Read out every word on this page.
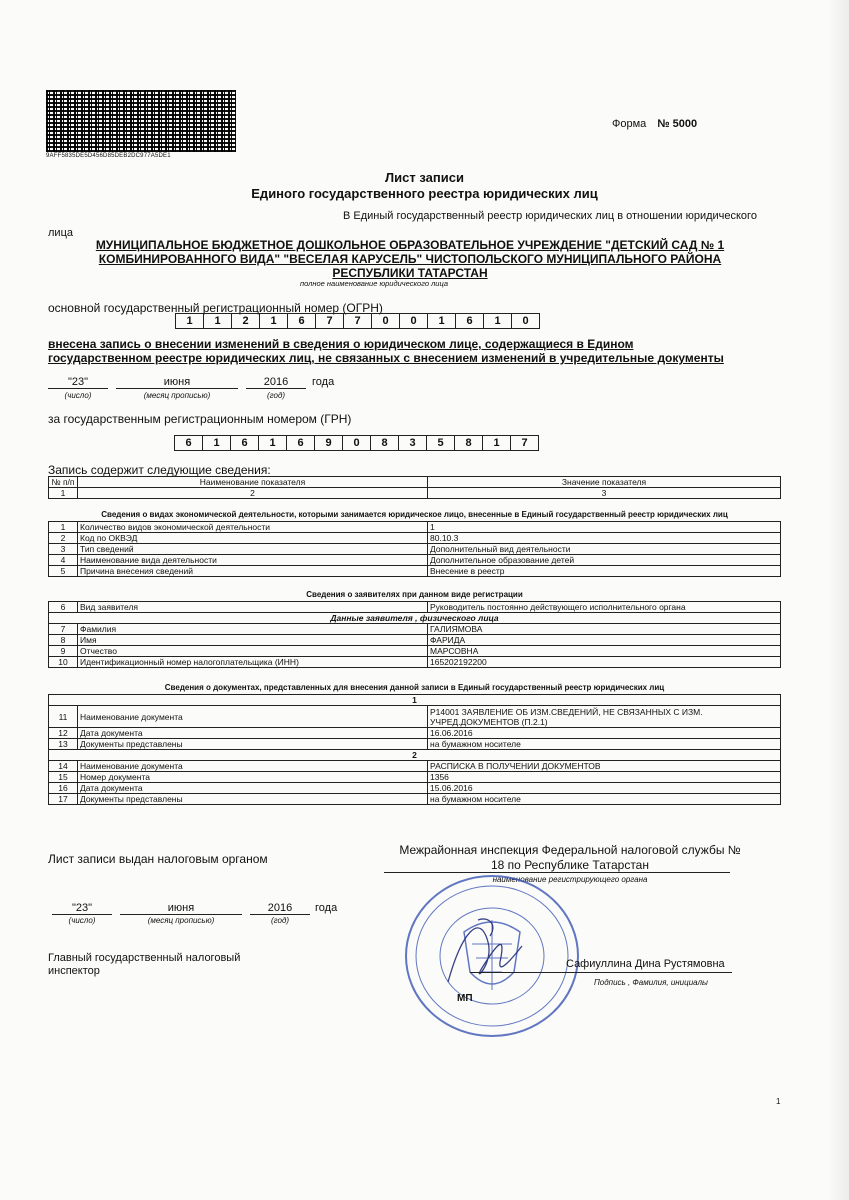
9AFF5835DE5D456D85DEB2DC977A5DE1
Форма № 5000
Лист записи
Единого государственного реестра юридических лиц
В Единый государственный реестр юридических лиц в отношении юридического
лица
МУНИЦИПАЛЬНОЕ БЮДЖЕТНОЕ ДОШКОЛЬНОЕ ОБРАЗОВАТЕЛЬНОЕ УЧРЕЖДЕНИЕ "ДЕТСКИЙ САД № 1
КОМБИНИРОВАННОГО ВИДА" "ВЕСЕЛАЯ КАРУСЕЛЬ" ЧИСТОПОЛЬСКОГО МУНИЦИПАЛЬНОГО РАЙОНА
РЕСПУБЛИКИ ТАТАРСТАН
полное наименование юридического лица
основной государственный регистрационный номер (ОГРН)
1	1	2	1	6	7	7	0	0	1	6	1	0
внесена запись о внесении изменений в сведения о юридическом лице, содержащиеся в Едином государственном реестре юридических лиц, не связанных с внесением изменений в учредительные документы
"23"	июня	2016	года
(число)	(месяц прописью)	(год)
за государственным регистрационным номером (ГРН)
6	1	6	1	6	9	0	8	3	5	8	1	7
Запись содержит следующие сведения:
№ п/п	Наименование показателя	Значение показателя
1	2	3
Сведения о видах экономической деятельности, которыми занимается юридическое лицо, внесенные в Единый государственный реестр юридических лиц
1	Количество видов экономической деятельности	1
2	Код по ОКВЭД	80.10.3
3	Тип сведений	Дополнительный вид деятельности
4	Наименование вида деятельности	Дополнительное образование детей
5	Причина внесения сведений	Внесение в реестр
Сведения о заявителях при данном виде регистрации
6	Вид заявителя	Руководитель постоянно действующего исполнительного органа
Данные заявителя , физического лица		
7	Фамилия	ГАЛИЯМОВА
8	Имя	ФАРИДА
9	Отчество	МАРСОВНА
10	Идентификационный номер налогоплательщика (ИНН)	165202192200
Сведения о документах, представленных для внесения данной записи в Единый государственный реестр юридических лиц
1		
11	Наименование документа	Р14001 ЗАЯВЛЕНИЕ ОБ ИЗМ.СВЕДЕНИЙ, НЕ СВЯЗАННЫХ С ИЗМ.
УЧРЕД.ДОКУМЕНТОВ (П.2.1)

12	Дата документа	16.06.2016
13	Документы представлены	на бумажном носителе
2		
14	Наименование документа	РАСПИСКА В ПОЛУЧЕНИИ ДОКУМЕНТОВ
15	Номер документа	1356
16	Дата документа	15.06.2016
17	Документы представлены	на бумажном носителе
Лист записи выдан налоговым органом
Межрайонная инспекция Федеральной налоговой службы №
18 по Республике Татарстан
наименование регистрирующего органа
"23"	июня	2016	года
(число)	(месяц прописью)	(год)
Главный государственный налоговый
инспектор
Сафиуллина Дина Рустямовна
Подпись , Фамилия, инициалы
МП
1
